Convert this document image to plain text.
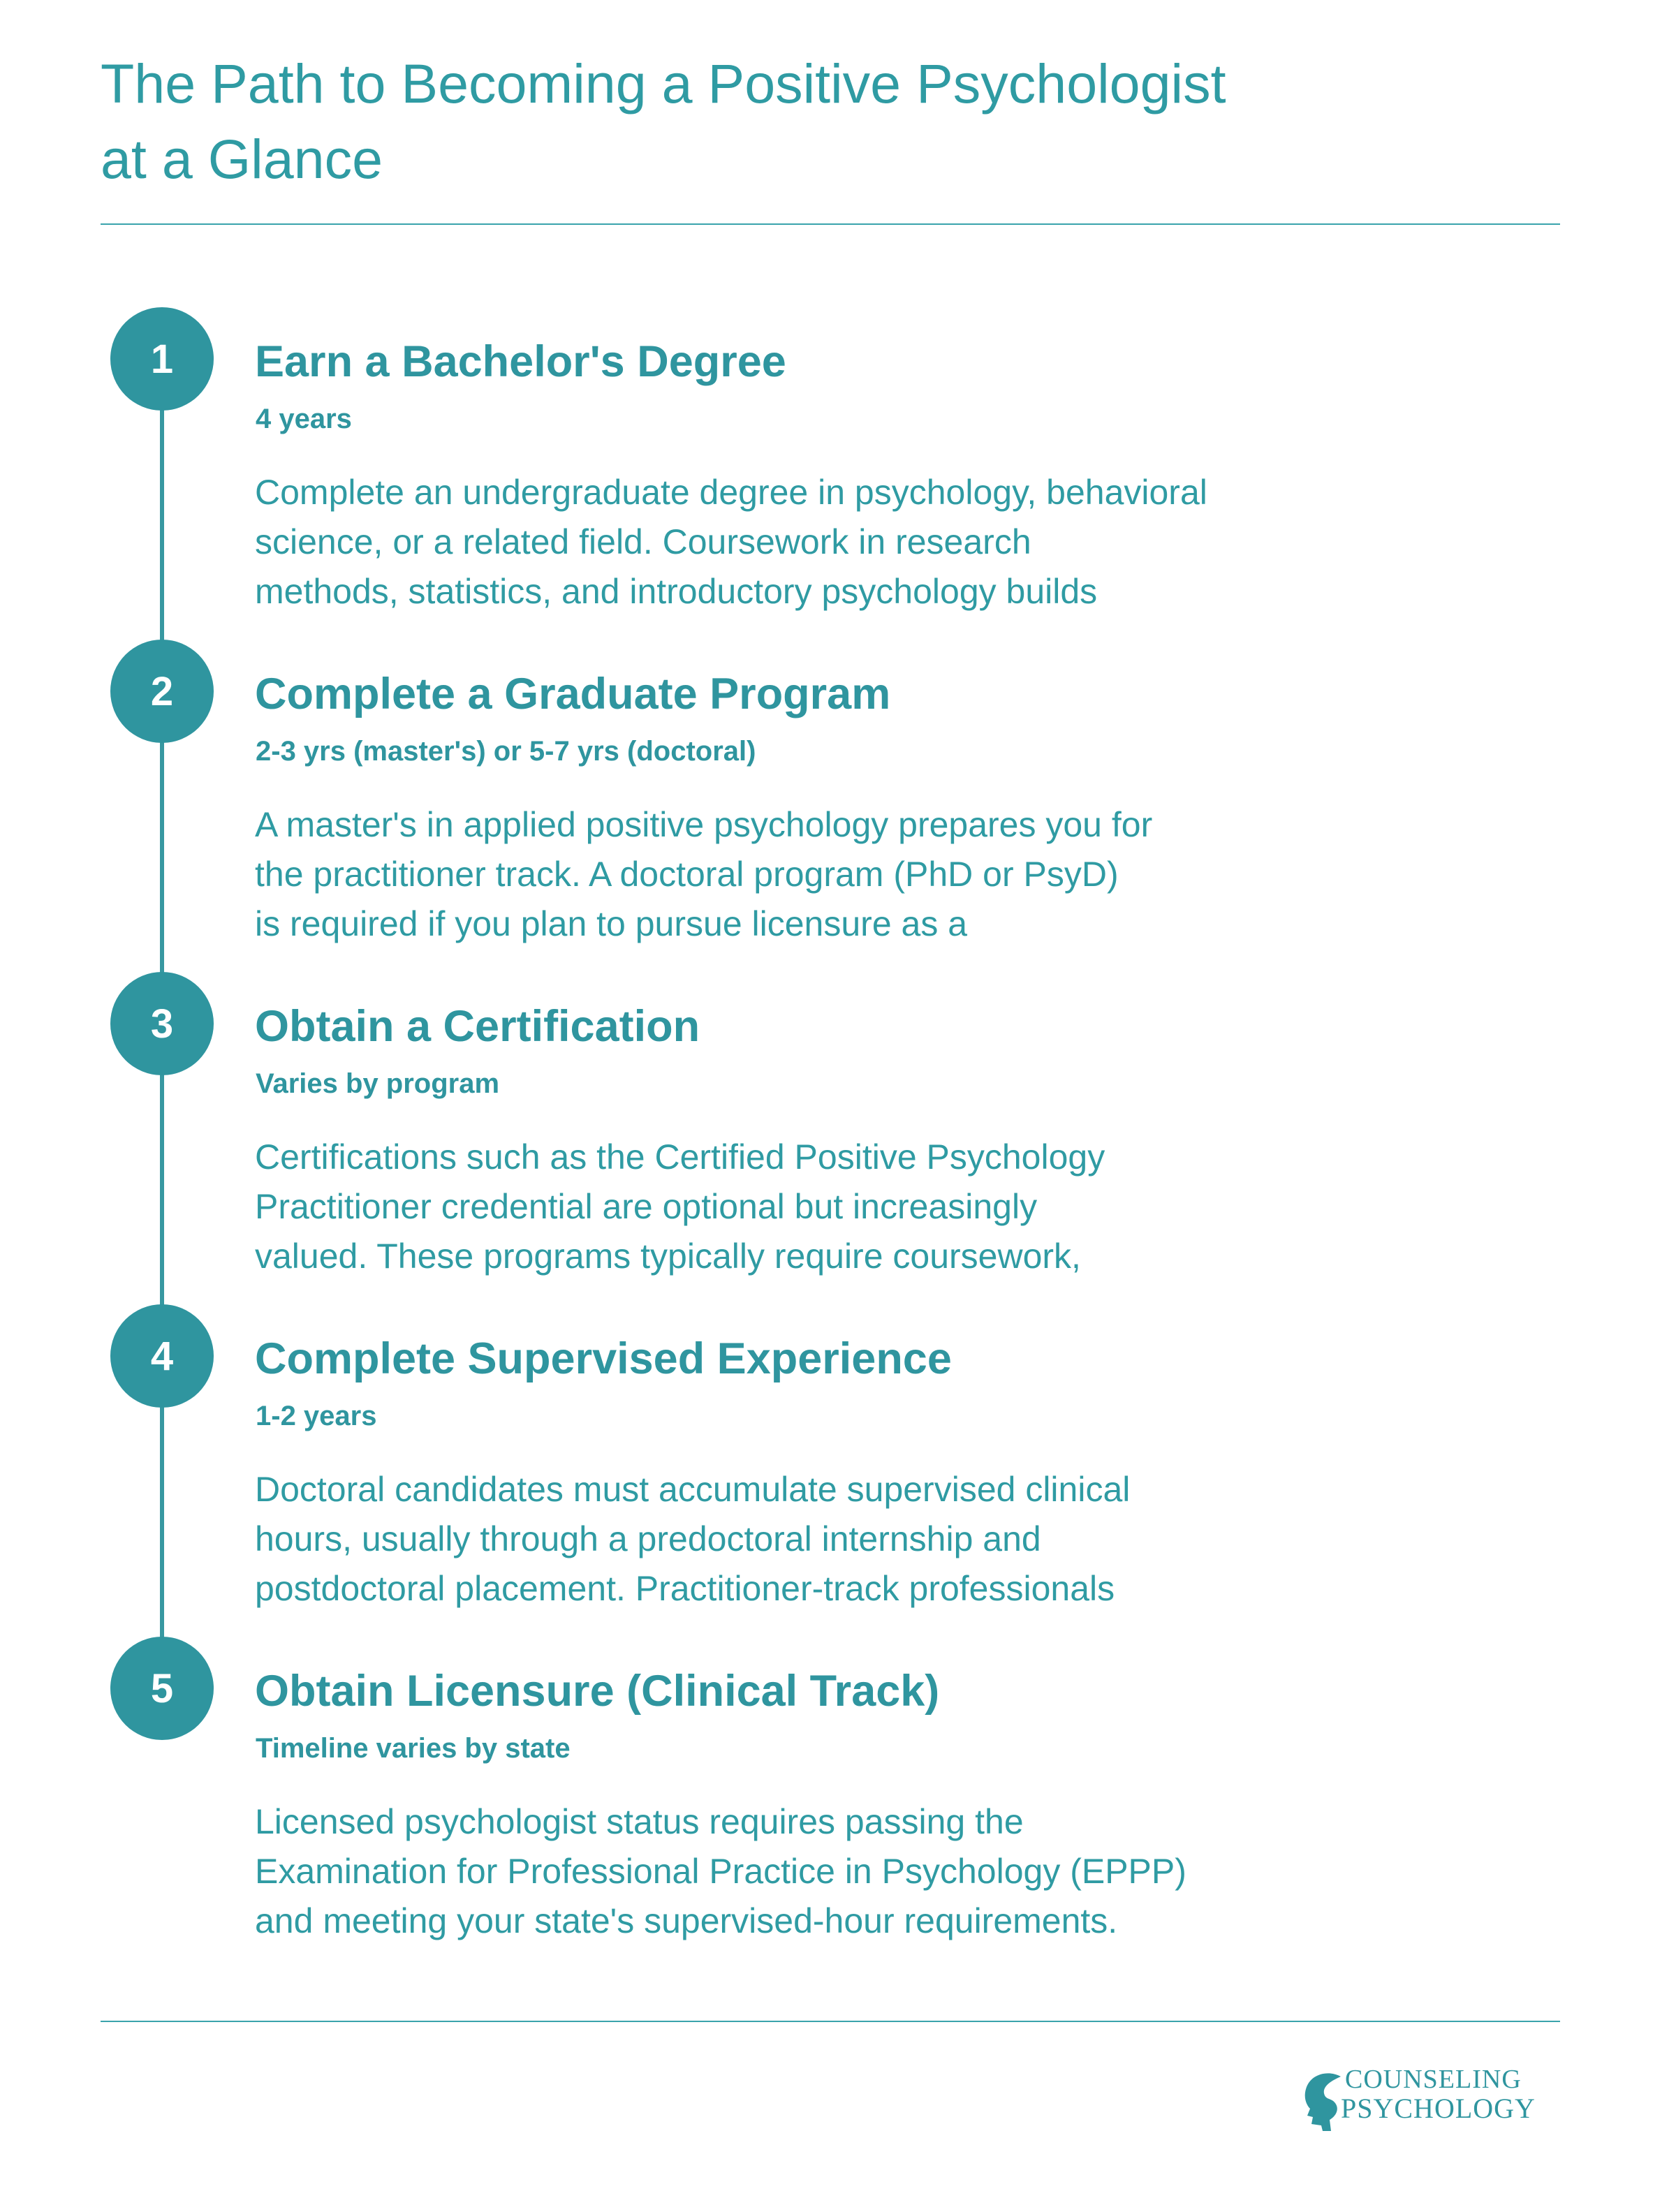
The Path to Becoming a Positive Psychologist
at a Glance
1	Earn a Bachelor's Degree
4 years
Complete an undergraduate degree in psychology, behavioral
science, or a related field. Coursework in research
methods, statistics, and introductory psychology builds
2	Complete a Graduate Program
2-3 yrs (master's) or 5-7 yrs (doctoral)
A master's in applied positive psychology prepares you for
the practitioner track. A doctoral program (PhD or PsyD)
is required if you plan to pursue licensure as a
3	Obtain a Certification
Varies by program
Certifications such as the Certified Positive Psychology
Practitioner credential are optional but increasingly
valued. These programs typically require coursework,
4	Complete Supervised Experience
1-2 years
Doctoral candidates must accumulate supervised clinical
hours, usually through a predoctoral internship and
postdoctoral placement. Practitioner-track professionals
5	Obtain Licensure (Clinical Track)
Timeline varies by state
Licensed psychologist status requires passing the
Examination for Professional Practice in Psychology (EPPP)
and meeting your state's supervised-hour requirements.
COUNSELING
PSYCHOLOGY
